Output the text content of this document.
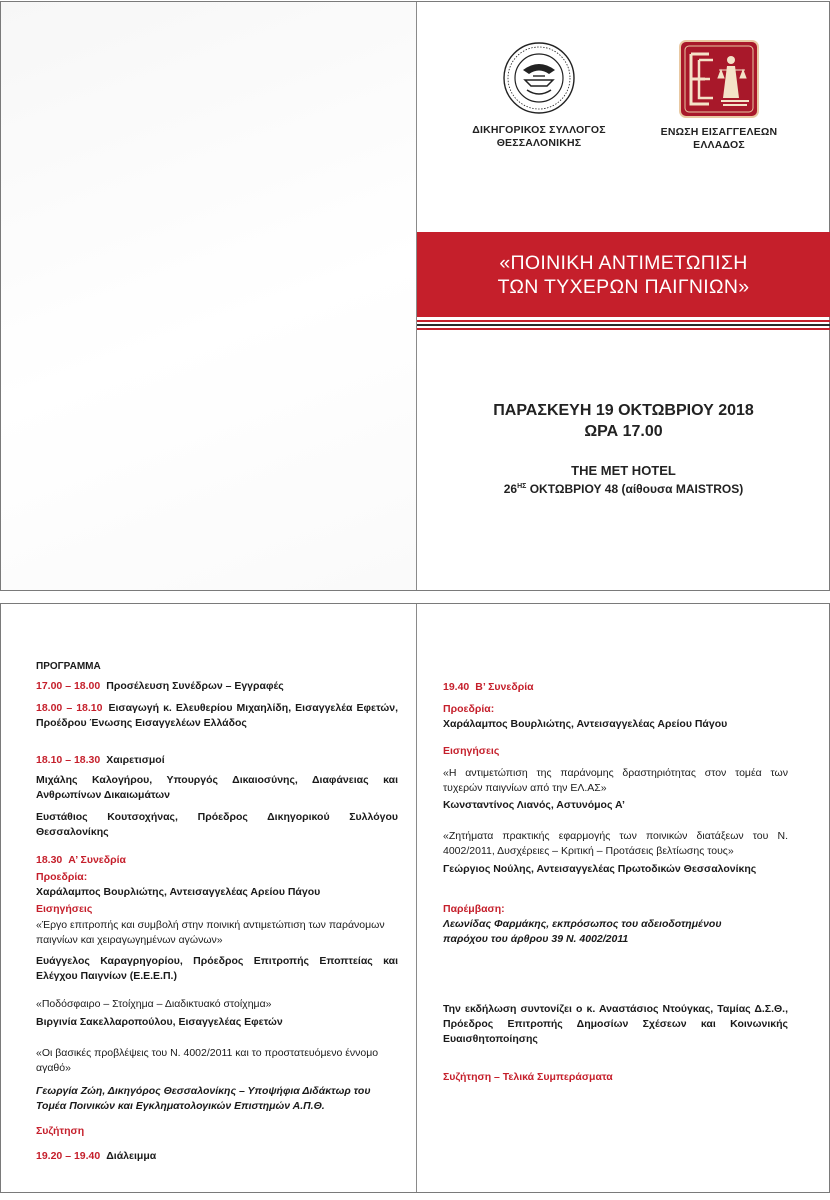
ΔΙΚΗΓΟΡΙΚΟΣ ΣΥΛΛΟΓΟΣ
ΘΕΣΣΑΛΟΝΙΚΗΣ
ΕΝΩΣΗ ΕΙΣΑΓΓΕΛΕΩΝ
ΕΛΛΑΔΟΣ
«ΠΟΙΝΙΚΗ ΑΝΤΙΜΕΤΩΠΙΣΗ
ΤΩΝ ΤΥΧΕΡΩΝ ΠΑΙΓΝΙΩΝ»
ΠΑΡΑΣΚΕΥΗ 19 ΟΚΤΩΒΡΙΟΥ 2018
ΩΡΑ 17.00
THE MET HOTEL
$26^{H\Sigma}$ ΟΚΤΩΒΡΙΟΥ 48 (αίθουσα MAISTROS)
ΠΡΟΓΡΑΜΜΑ
17.00 – 18.00 Προσέλευση Συνέδρων – Εγγραφές
18.00 – 18.10 Εισαγωγή κ. Ελευθερίου Μιχαηλίδη, Εισαγγελέα Εφετών, Προέδρου Ένωσης Εισαγγελέων Ελλάδος
18.10 – 18.30 Χαιρετισμοί
Μιχάλης Καλογήρου, Υπουργός Δικαιοσύνης, Διαφάνειας και Ανθρωπίνων Δικαιωμάτων
Ευστάθιος Κουτσοχήνας, Πρόεδρος Δικηγορικού Συλλόγου Θεσσαλονίκης
18.30 Α’ Συνεδρία
Προεδρία:
Χαράλαμπος Βουρλιώτης, Αντεισαγγελέας Αρείου Πάγου
Εισηγήσεις
«Έργο επιτροπής και συμβολή στην ποινική αντιμετώπιση των παράνομων παιγνίων και χειραγωγημένων αγώνων»
Ευάγγελος Καραγρηγορίου, Πρόεδρος Επιτροπής Εποπτείας και Ελέγχου Παιγνίων (Ε.Ε.Ε.Π.)
«Ποδόσφαιρο – Στοίχημα – Διαδικτυακό στοίχημα»
Βιργινία Σακελλαροπούλου, Εισαγγελέας Εφετών
«Οι βασικές προβλέψεις του Ν. 4002/2011 και το προστατευόμενο έννομο αγαθό»
Γεωργία Ζώη, Δικηγόρος Θεσσαλονίκης – Υποψήφια Διδάκτωρ του Τομέα Ποινικών και Εγκληματολογικών Επιστημών Α.Π.Θ.
Συζήτηση
19.20 – 19.40 Διάλειμμα
19.40 Β’ Συνεδρία
Προεδρία:
Χαράλαμπος Βουρλιώτης, Αντεισαγγελέας Αρείου Πάγου
Εισηγήσεις
«Η αντιμετώπιση της παράνομης δραστηριότητας στον τομέα των τυχερών παιγνίων από την ΕΛ.ΑΣ»
Κωνσταντίνος Λιανός, Αστυνόμος Α’
«Ζητήματα πρακτικής εφαρμογής των ποινικών διατάξεων του Ν. 4002/2011, Δυσχέρειες – Κριτική – Προτάσεις βελτίωσης τους»
Γεώργιος Νούλης, Αντεισαγγελέας Πρωτοδικών Θεσσαλονίκης
Παρέμβαση:
Λεωνίδας Φαρμάκης, εκπρόσωπος του αδειοδοτημένου παρόχου του άρθρου 39 Ν. 4002/2011
Την εκδήλωση συντονίζει ο κ. Αναστάσιος Ντούγκας, Ταμίας Δ.Σ.Θ., Πρόεδρος Επιτροπής Δημοσίων Σχέσεων και Κοινωνικής Ευαισθητοποίησης
Συζήτηση – Τελικά Συμπεράσματα
